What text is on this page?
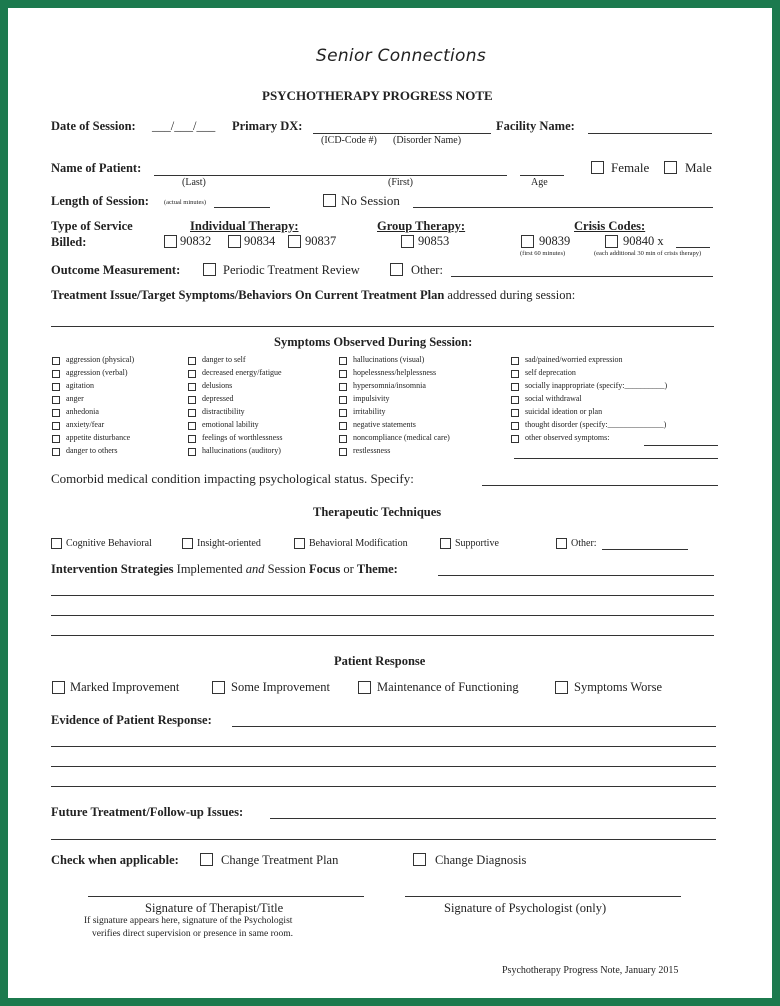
Senior Connections
PSYCHOTHERAPY PROGRESS NOTE
Date of Session: ___/___/___ Primary DX:
(ICD-Code #) (Disorder Name)
Facility Name:
Name of Patient:
(Last)	(First)	Age
Female	Male
Length of Session: (actual minutes)	No Session
Type of Service
Billed:
Individual Therapy:
90832	90834 90837
Group Therapy:
90853
Crisis Codes:
90839
(first 60 minutes)
90840 x
(each additional 30 min of crisis therapy)
Outcome Measurement:	Periodic Treatment Review	Other:
Treatment Issue/Target Symptoms/Behaviors On Current Treatment Plan addressed during session:
Symptoms Observed During Session:
Comorbid medical condition impacting psychological status. Specify:
Therapeutic Techniques
Cognitive Behavioral	Insight-oriented	Behavioral Modification	Supportive	Other:
Intervention Strategies Implemented and Session Focus or Theme:
Patient Response
Marked Improvement	Some Improvement	Maintenance of Functioning	Symptoms Worse
Evidence of Patient Response:
Future Treatment/Follow-up Issues:
Check when applicable:	Change Treatment Plan	Change Diagnosis
Signature of Therapist/Title
If signature appears here, signature of the Psychologist
verifies direct supervision or presence in same room.
Signature of Psychologist (only)
Psychotherapy Progress Note, January 2015
aggression (physical)
aggression (verbal)
agitation
anger
anhedonia
anxiety/fear
appetite disturbance
danger to others
danger to self
decreased energy/fatigue
delusions
depressed
distractibility
emotional lability
feelings of worthlessness
hallucinations (auditory)
hallucinations (visual)
hopelessness/helplessness
hypersomnia/insomnia
impulsivity
irritability
negative statements
noncompliance (medical care)
restlessness
sad/pained/worried expression
self deprecation
socially inappropriate (specify:__________)
social withdrawal
suicidal ideation or plan
thought disorder (specify:______________)
other observed symptoms:
